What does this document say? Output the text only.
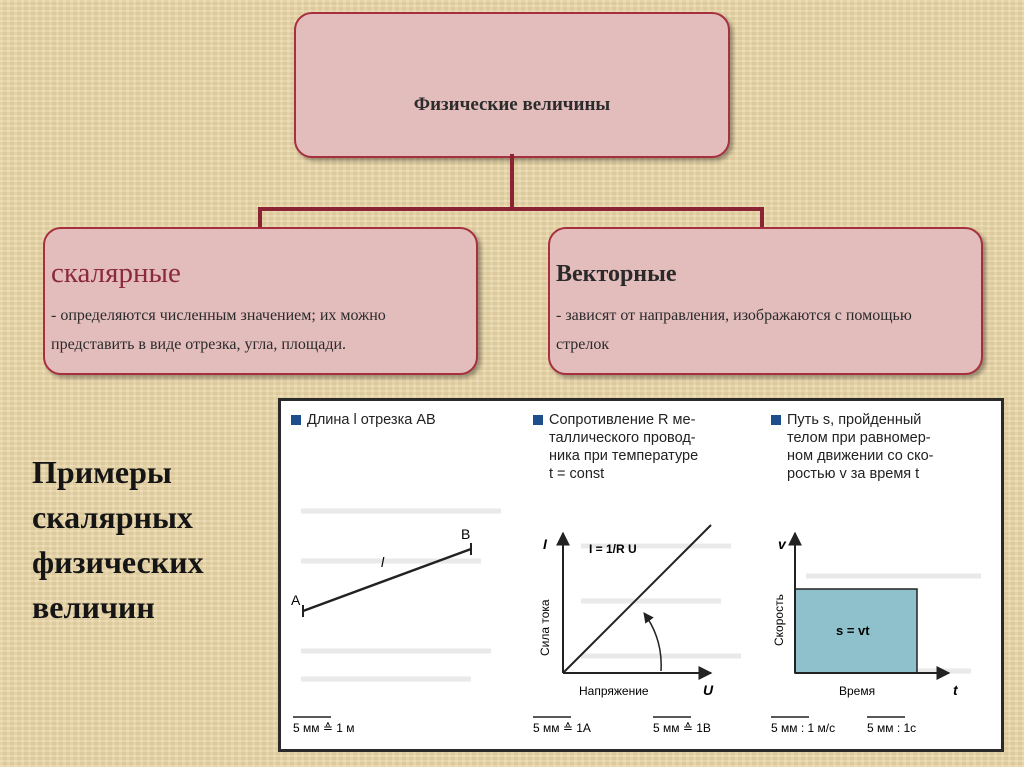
Физические величины
скалярные
- определяются численным значением; их можно
представить в виде отрезка, угла, площади.
Векторные
- зависят от направления, изображаются с помощью
стрелок
Примеры
скалярных
физических
величин
Длина l отрезка AB	Сопротивление R ме-
таллического провод-
ника при температуре
t = const
Путь s, пройденный
телом при равномер-
ном движении со ско-
ростью v за время t
A
B
l
5 мм ≙ 1 м
I
Сила тока
Напряжение	U
I = 1/R U
5 мм ≙ 1А	5 мм ≙ 1В
v
Скорость
Время	t
s = vt
5 мм : 1 м/с	5 мм : 1с
